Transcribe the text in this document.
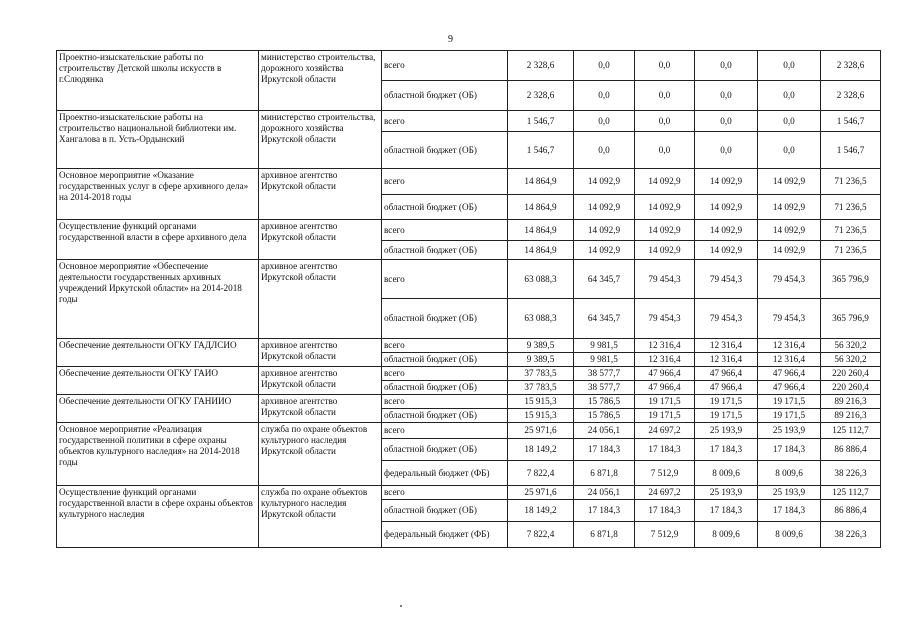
9
Проектно-изыскательские работы по строительству Детской школы искусств в г.Слюдянка	министерство строительства, дорожного хозяйства Иркутской области	всего	2 328,6	0,0	0,0	0,0	0,0	2 328,6
		областной бюджет (ОБ)	2 328,6	0,0	0,0	0,0	0,0	2 328,6
Проектно-изыскательские работы на строительство национальной библиотеки им. Хангалова в п. Усть-Ордынский	министерство строительства, дорожного хозяйства Иркутской области	всего	1 546,7	0,0	0,0	0,0	0,0	1 546,7
		областной бюджет (ОБ)	1 546,7	0,0	0,0	0,0	0,0	1 546,7
Основное мероприятие «Оказание государственных услуг в сфере архивного дела» на 2014-2018 годы	архивное агентство Иркутской области	всего	14 864,9	14 092,9	14 092,9	14 092,9	14 092,9	71 236,5
		областной бюджет (ОБ)	14 864,9	14 092,9	14 092,9	14 092,9	14 092,9	71 236,5
Осуществление функций органами государственной власти в сфере архивного дела	архивное агентство Иркутской области	всего	14 864,9	14 092,9	14 092,9	14 092,9	14 092,9	71 236,5
		областной бюджет (ОБ)	14 864,9	14 092,9	14 092,9	14 092,9	14 092,9	71 236,5
Основное мероприятие «Обеспечение деятельности государственных архивных учреждений Иркутской области» на 2014-2018 годы	архивное агентство Иркутской области	всего	63 088,3	64 345,7	79 454,3	79 454,3	79 454,3	365 796,9
		областной бюджет (ОБ)	63 088,3	64 345,7	79 454,3	79 454,3	79 454,3	365 796,9
Обеспечение деятельности ОГКУ ГАДЛСИО	архивное агентство Иркутской области	всего	9 389,5	9 981,5	12 316,4	12 316,4	12 316,4	56 320,2
		областной бюджет (ОБ)	9 389,5	9 981,5	12 316,4	12 316,4	12 316,4	56 320,2
Обеспечение деятельности ОГКУ ГАИО	архивное агентство Иркутской области	всего	37 783,5	38 577,7	47 966,4	47 966,4	47 966,4	220 260,4
		областной бюджет (ОБ)	37 783,5	38 577,7	47 966,4	47 966,4	47 966,4	220 260,4
Обеспечение деятельности ОГКУ ГАНИИО	архивное агентство Иркутской области	всего	15 915,3	15 786,5	19 171,5	19 171,5	19 171,5	89 216,3
		областной бюджет (ОБ)	15 915,3	15 786,5	19 171,5	19 171,5	19 171,5	89 216,3
Основное мероприятие «Реализация государственной политики в сфере охраны объектов культурного наследия» на 2014-2018 годы	служба по охране объектов культурного наследия Иркутской области	всего	25 971,6	24 056,1	24 697,2	25 193,9	25 193,9	125 112,7
		областной бюджет (ОБ)	18 149,2	17 184,3	17 184,3	17 184,3	17 184,3	86 886,4
		федеральный бюджет (ФБ)	7 822,4	6 871,8	7 512,9	8 009,6	8 009,6	38 226,3
Осуществление функций органами государственной власти в сфере охраны объектов культурного наследия	служба по охране объектов культурного наследия Иркутской области	всего	25 971,6	24 056,1	24 697,2	25 193,9	25 193,9	125 112,7
		областной бюджет (ОБ)	18 149,2	17 184,3	17 184,3	17 184,3	17 184,3	86 886,4
		федеральный бюджет (ФБ)	7 822,4	6 871,8	7 512,9	8 009,6	8 009,6	38 226,3
